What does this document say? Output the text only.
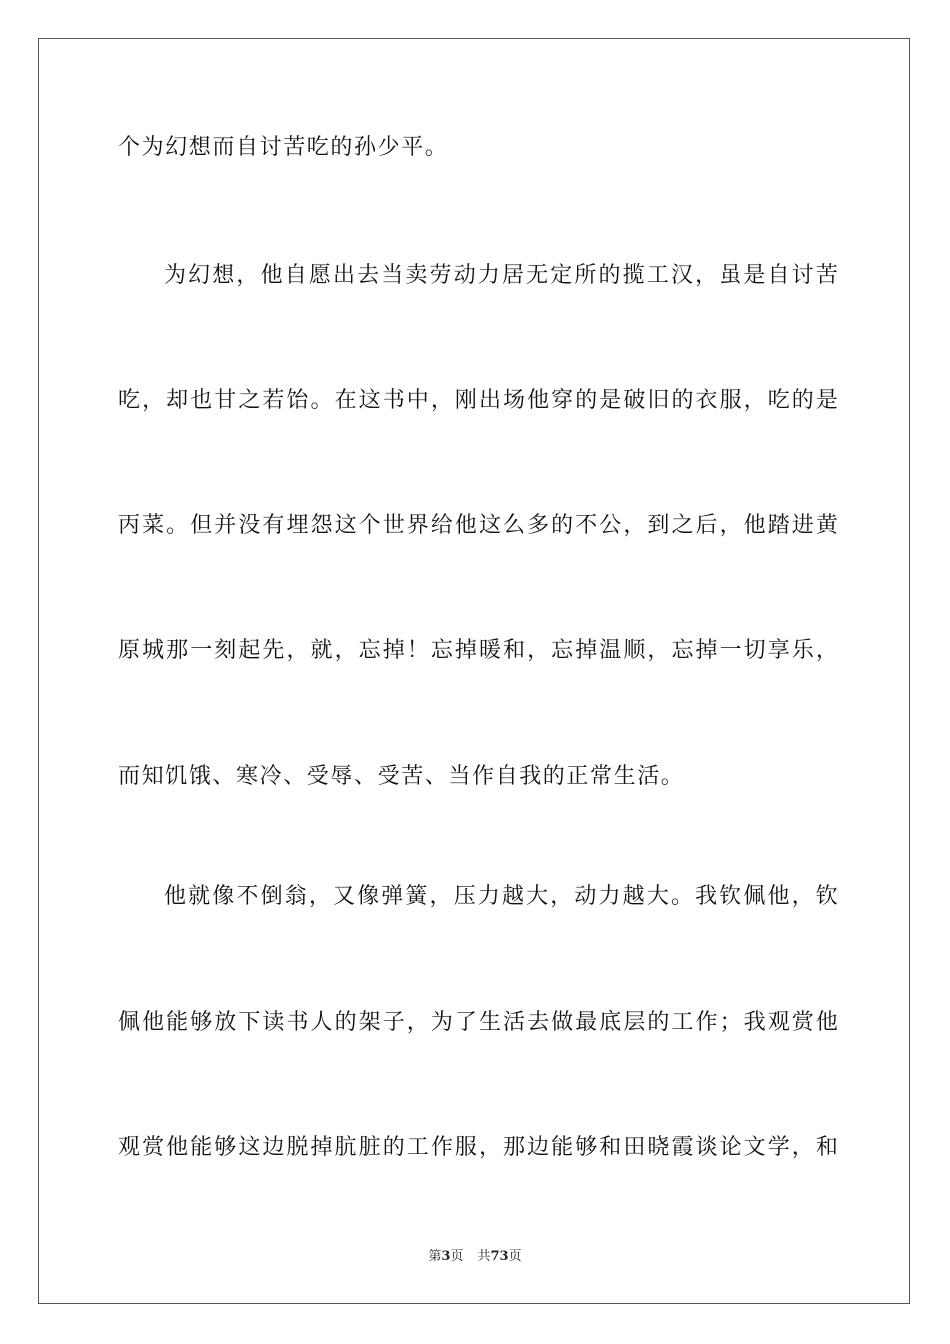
个为幻想而自讨苦吃的孙少平。
为 幻 想 ， 他 自 愿 出 去 当 卖 劳 动 力 居 无 定 所 的 揽 工 汉 ， 虽 是 自 讨 苦
吃 ， 却 也 甘 之 若 饴 。 在 这 书 中 ， 刚 出 场 他 穿 的 是 破 旧 的 衣 服 ， 吃 的 是
丙 菜 。 但 并 没 有 埋 怨 这 个 世 界 给 他 这 么 多 的 不 公 ， 到 之 后 ， 他 踏 进 黄
原 城 那 一 刻 起 先 ， 就 ， 忘 掉 ！ 忘 掉 暖 和 ， 忘 掉 温 顺 ， 忘 掉 一 切 享 乐 ，
而知饥饿、寒冷、受辱、受苦、当作自我的正常生活。
他 就 像 不 倒 翁 ， 又 像 弹 簧 ， 压 力 越 大 ， 动 力 越 大 。 我 钦 佩 他 ， 钦
佩 他 能 够 放 下 读 书 人 的 架 子 ， 为 了 生 活 去 做 最 底 层 的 工 作 ； 我 观 赏 他
观 赏 他 能 够 这 边 脱 掉 肮 脏 的 工 作 服 ， 那 边 能 够 和 田 晓 霞 谈 论 文 学 ， 和
第3页 共73页
